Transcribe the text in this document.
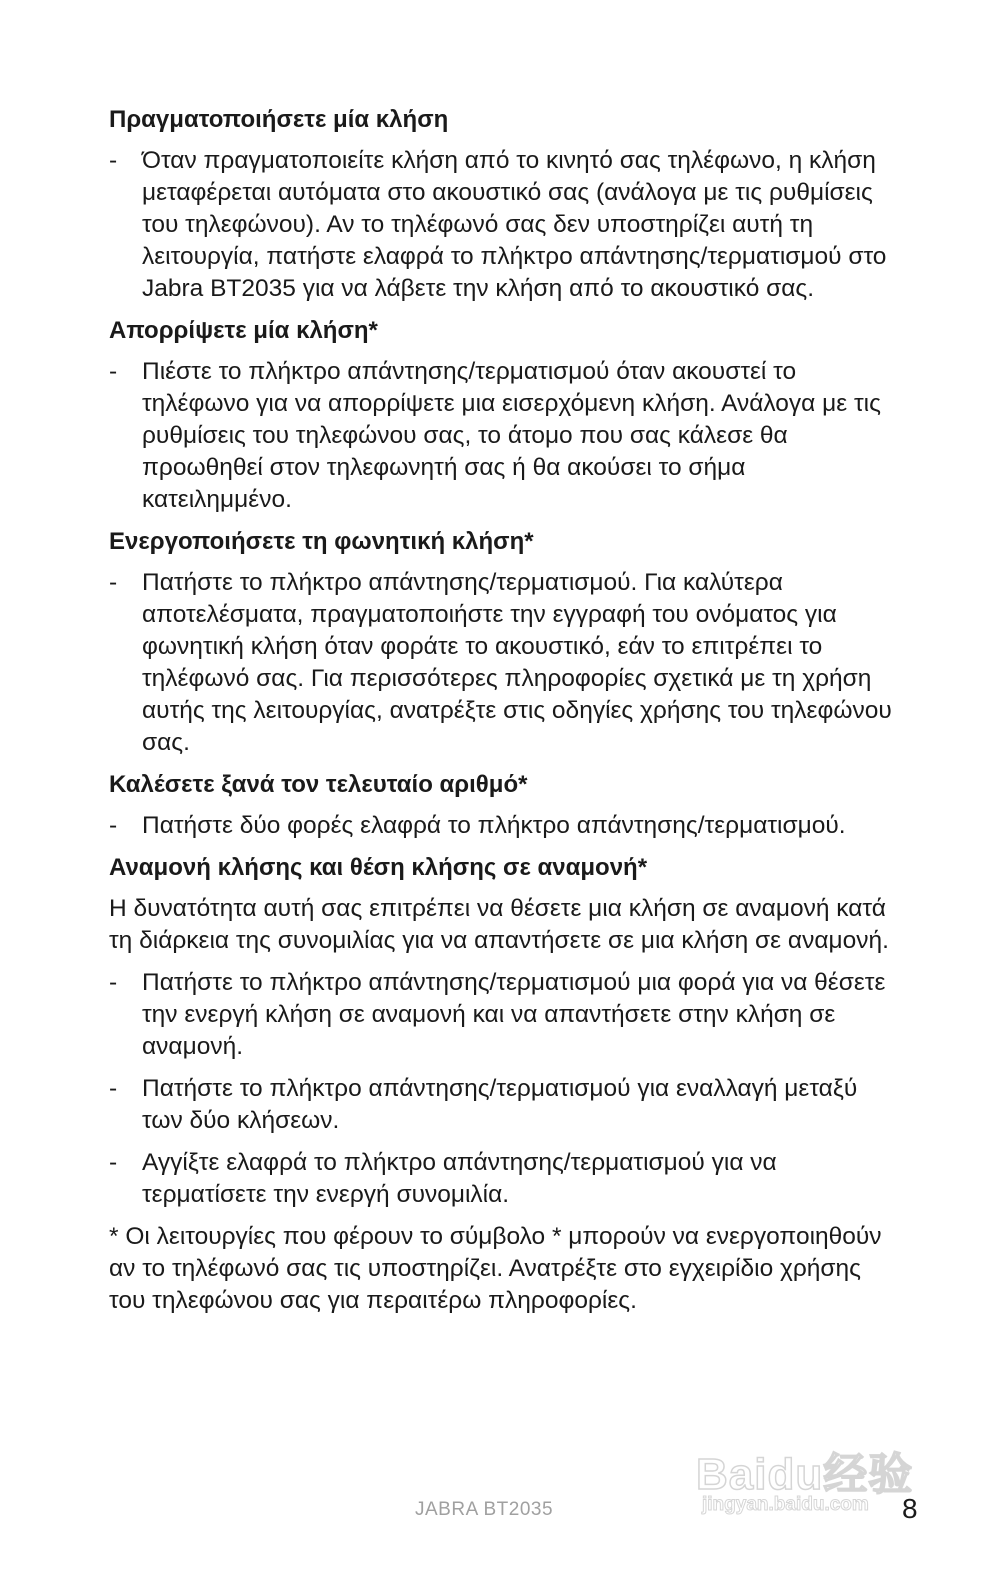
Πραγματοποιήσετε μία κλήση
- Όταν πραγματοποιείτε κλήση από το κινητό σας τηλέφωνο, η κλήση μεταφέρεται αυτόματα στο ακουστικό σας (ανάλογα με τις ρυθμίσεις του τηλεφώνου). Αν το τηλέφωνό σας δεν υποστηρίζει αυτή τη λειτουργία, πατήστε ελαφρά το πλήκτρο απάντησης/τερματισμού στο Jabra BT2035 για να λάβετε την κλήση από το ακουστικό σας.
Απορρίψετε μία κλήση*
- Πιέστε το πλήκτρο απάντησης/τερματισμού όταν ακουστεί το τηλέφωνο για να απορρίψετε μια εισερχόμενη κλήση. Ανάλογα με τις ρυθμίσεις του τηλεφώνου σας, το άτομο που σας κάλεσε θα προωθηθεί στον τηλεφωνητή σας ή θα ακούσει το σήμα κατειλημμένο.
Ενεργοποιήσετε τη φωνητική κλήση*
- Πατήστε το πλήκτρο απάντησης/τερματισμού. Για καλύτερα αποτελέσματα, πραγματοποιήστε την εγγραφή του ονόματος για φωνητική κλήση όταν φοράτε το ακουστικό, εάν το επιτρέπει το τηλέφωνό σας. Για περισσότερες πληροφορίες σχετικά με τη χρήση αυτής της λειτουργίας, ανατρέξτε στις οδηγίες χρήσης του τηλεφώνου σας.
Καλέσετε ξανά τον τελευταίο αριθμό*
- Πατήστε δύο φορές ελαφρά το πλήκτρο απάντησης/τερματισμού.
Αναμονή κλήσης και θέση κλήσης σε αναμονή*

Η δυνατότητα αυτή σας επιτρέπει να θέσετε μια κλήση σε αναμονή κατά τη διάρκεια της συνομιλίας για να απαντήσετε σε μια κλήση σε αναμονή.

- Πατήστε το πλήκτρο απάντησης/τερματισμού μια φορά για να θέσετε την ενεργή κλήση σε αναμονή και να απαντήσετε στην κλήση σε αναμονή.
- Πατήστε το πλήκτρο απάντησης/τερματισμού για εναλλαγή μεταξύ των δύο κλήσεων.
- Αγγίξτε ελαφρά το πλήκτρο απάντησης/τερματισμού για να τερματίσετε την ενεργή συνομιλία.

* Οι λειτουργίες που φέρουν το σύμβολο * μπορούν να ενεργοποιηθούν αν το τηλέφωνό σας τις υποστηρίζει. Ανατρέξτε στο εγχειρίδιο χρήσης του τηλεφώνου σας για περαιτέρω πληροφορίες.

Baidu经验
jingyan.baidu.com
JABRA BT2035	8
